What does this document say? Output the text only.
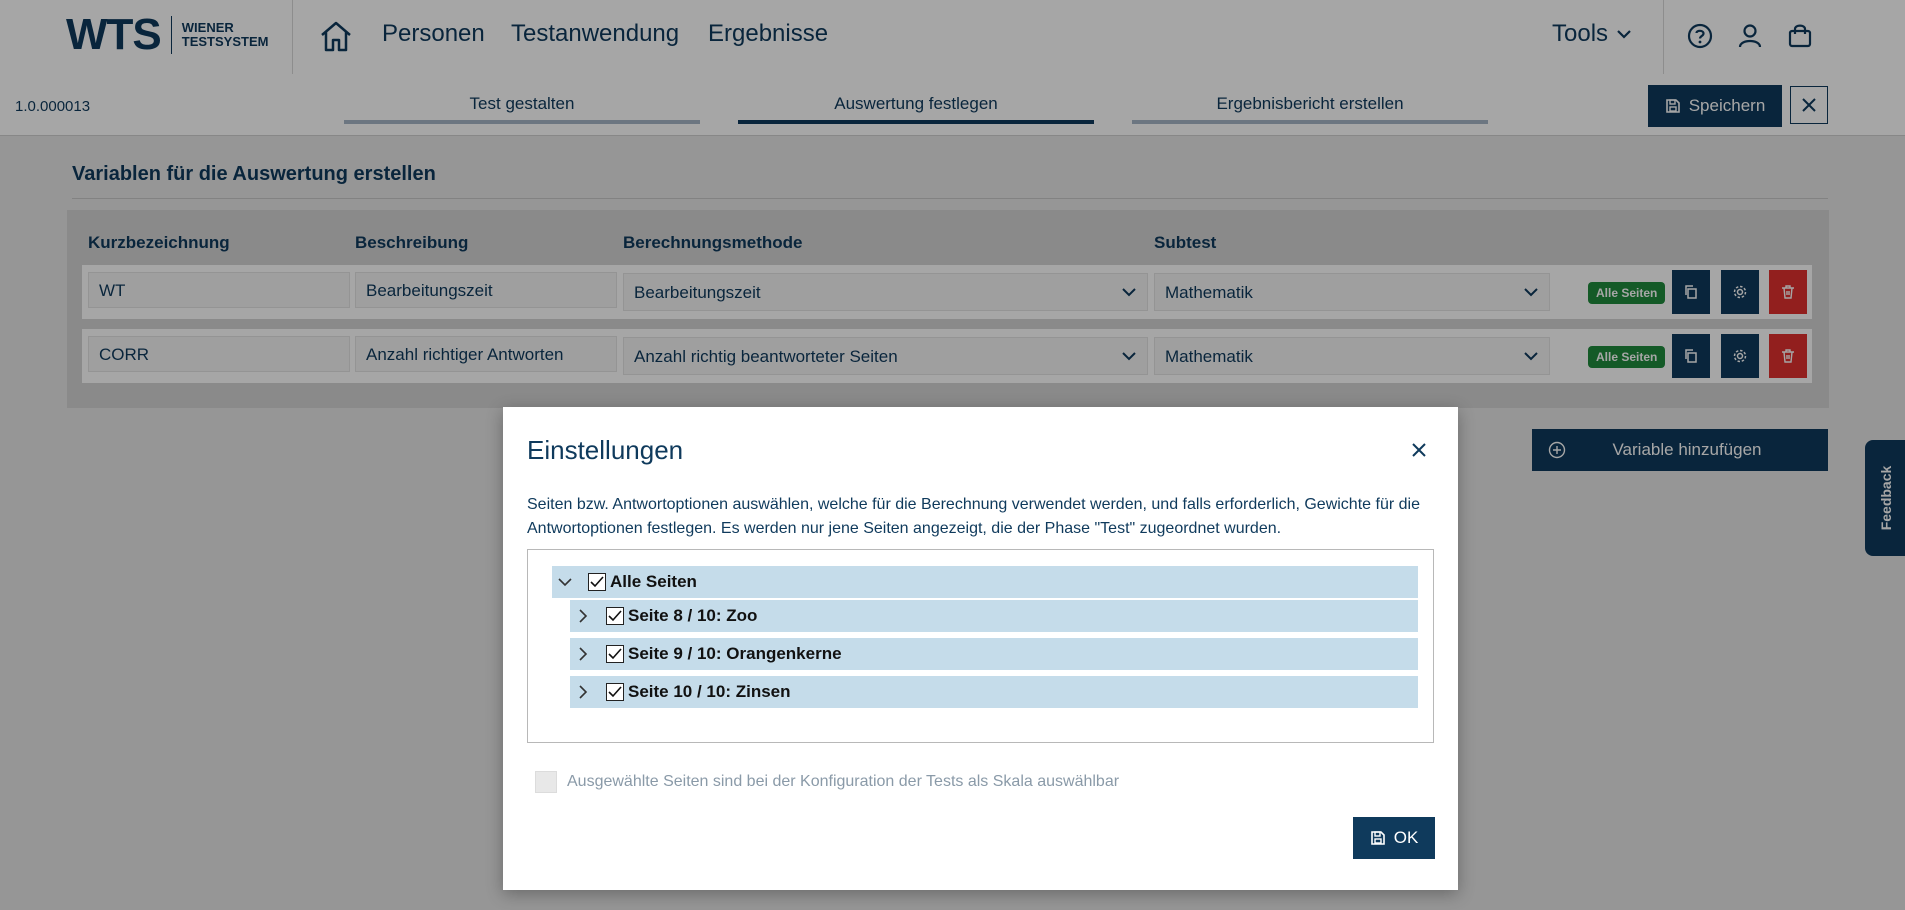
WTS WIENER
TESTSYSTEM	Personen Testanwendung Ergebnisse	Tools
1.0.000013	Test gestalten	Auswertung festlegen	Ergebnisbericht erstellen	Speichern
Variablen für die Auswertung erstellen
Kurzbezeichnung	Beschreibung	Berechnungsmethode	Subtest
WT	Bearbeitungszeit	Bearbeitungszeit	Mathematik	Alle Seiten
CORR	Anzahl richtiger Antworten	Anzahl richtig beantworteter Seiten	Mathematik	Alle Seiten
Variable hinzufügen
Feedback
Einstellungen
Seiten bzw. Antwortoptionen auswählen, welche für die Berechnung verwendet werden, und falls erforderlich, Gewichte für die Antwortoptionen festlegen. Es werden nur jene Seiten angezeigt, die der Phase "Test" zugeordnet wurden.
Alle Seiten
Seite 8 / 10: Zoo
Seite 9 / 10: Orangenkerne
Seite 10 / 10: Zinsen
Ausgewählte Seiten sind bei der Konfiguration der Tests als Skala auswählbar
OK
